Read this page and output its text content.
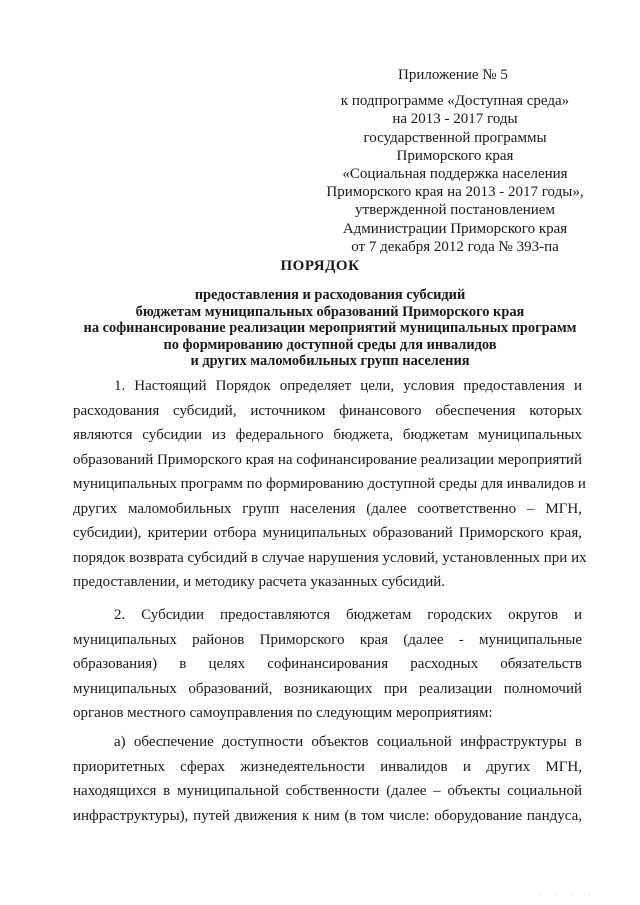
Приложение № 5
к подпрограмме «Доступная среда»
на 2013 - 2017 годы
государственной программы
Приморского края
«Социальная поддержка населения
Приморского края на 2013 - 2017 годы»,
утвержденной постановлением
Администрации Приморского края
от 7 декабря 2012 года № 393-па
ПОРЯДОК
предоставления и расходования субсидий
бюджетам муниципальных образований Приморского края
на софинансирование реализации мероприятий муниципальных программ
по формированию доступной среды для инвалидов
и других маломобильных групп населения
1. Настоящий Порядок определяет цели, условия предоставления и
расходования субсидий, источником финансового обеспечения которых
являются субсидии из федерального бюджета, бюджетам муниципальных
образований Приморского края на софинансирование реализации мероприятий
муниципальных программ по формированию доступной среды для инвалидов и
других маломобильных групп населения (далее соответственно – МГН,
субсидии), критерии отбора муниципальных образований Приморского края,
порядок возврата субсидий в случае нарушения условий, установленных при их
предоставлении, и методику расчета указанных субсидий.
2. Субсидии предоставляются бюджетам городских округов и
муниципальных районов Приморского края (далее - муниципальные
образования) в целях софинансирования расходных обязательств
муниципальных образований, возникающих при реализации полномочий
органов местного самоуправления по следующим мероприятиям:
а) обеспечение доступности объектов социальной инфраструктуры в
приоритетных сферах жизнедеятельности инвалидов и других МГН,
находящихся в муниципальной собственности (далее – объекты социальной
инфраструктуры), путей движения к ним (в том числе: оборудование пандуса,
· · · ·
